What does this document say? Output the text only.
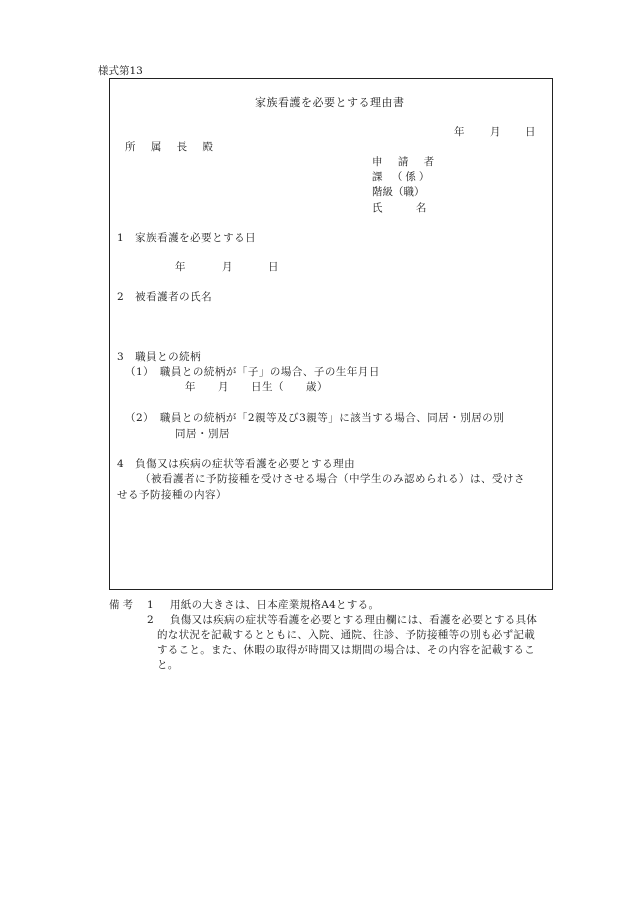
様式第13
家族看護を必要とする理由書
年 月 日
所 属 長 殿
申 請 者
課 （係）
階級（職）
氏 名
1　家族看護を必要とする日
年	月	日
2　被看護者の氏名
3　職員との続柄
（1）　職員との続柄が「子」の場合、子の生年月日
年　　月　　日生（　　歳）
（2）　職員との続柄が「2親等及び3親等」に該当する場合、同居・別居の別
同居・別居
4　負傷又は疾病の症状等看護を必要とする理由
（被看護者に予防接種を受けさせる場合（中学生のみ認められる）は、受けさ
せる予防接種の内容）
備考 1 用紙の大きさは、日本産業規格A4とする。
2 負傷又は疾病の症状等看護を必要とする理由欄には、看護を必要とする具体
的な状況を記載するとともに、入院、通院、往診、予防接種等の別も必ず記載
すること。また、休暇の取得が時間又は期間の場合は、その内容を記載するこ
と。
